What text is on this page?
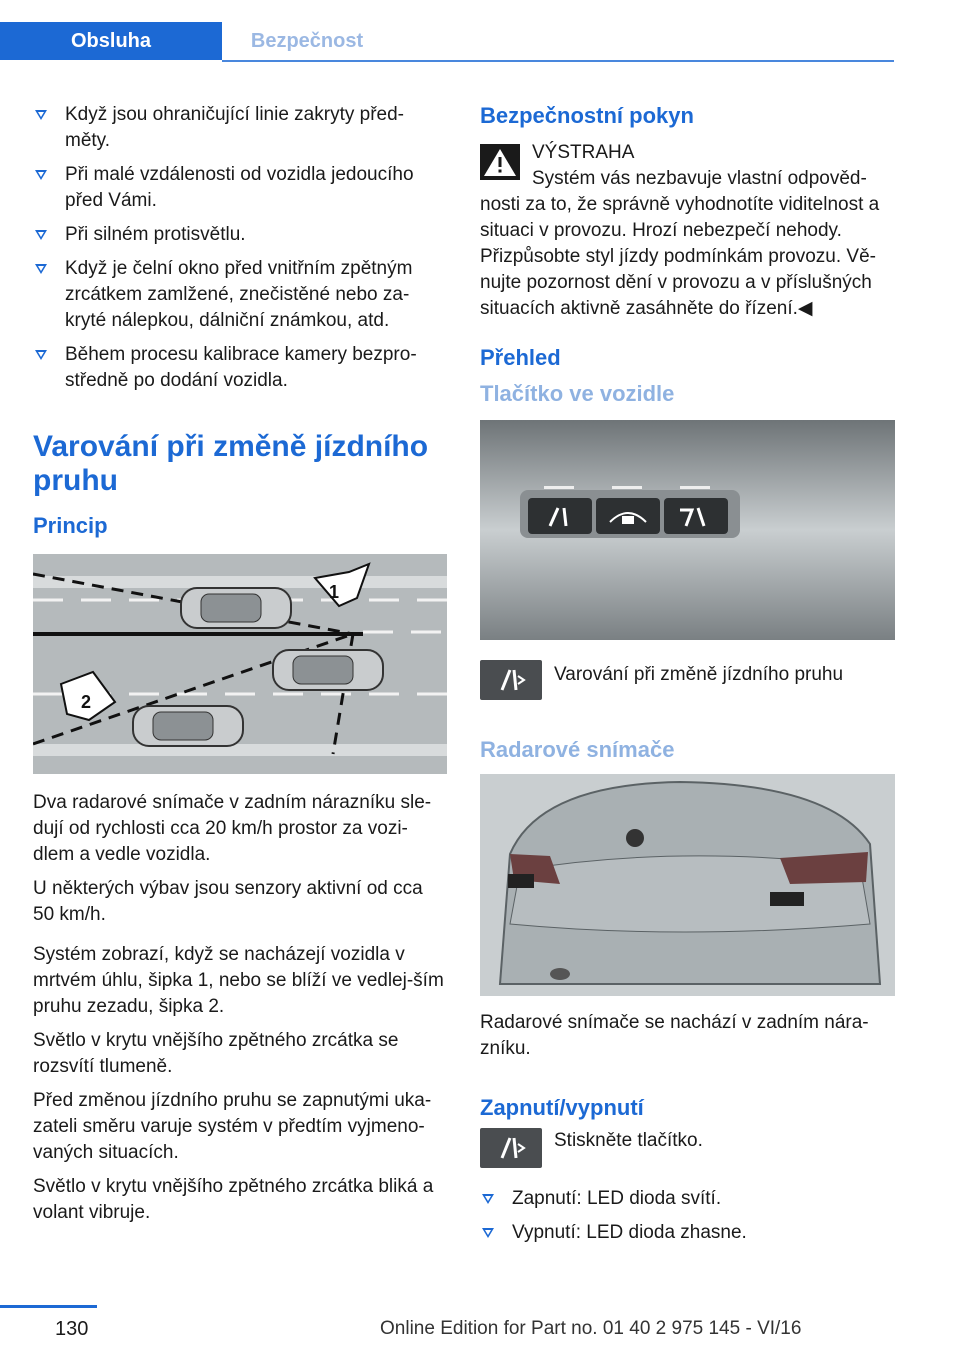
Obsluha	Bezpečnost
Když jsou ohraničující linie zakryty před‐měty.
Při malé vzdálenosti od vozidla jedoucího před Vámi.
Při silném protisvětlu.
Když je čelní okno před vnitřním zpětným zrcátkem zamlžené, znečistěné nebo za‐kryté nálepkou, dálniční známkou, atd.
Během procesu kalibrace kamery bezpro‐středně po dodání vozidla.
Varování při změně jízdního pruhu
Princip
1
2

Dva radarové snímače v zadním nárazníku sle‐dují od rychlosti cca 20 km/h prostor za vozi‐dlem a vedle vozidla.

U některých výbav jsou senzory aktivní od cca 50 km/h.

Systém zobrazí, když se nacházejí vozidla v mrtvém úhlu, šipka 1, nebo se blíží ve vedlej‐ším pruhu zezadu, šipka 2.

Světlo v krytu vnějšího zpětného zrcátka se rozsvítí tlumeně.

Před změnou jízdního pruhu se zapnutými uka‐zateli směru varuje systém v předtím vyjmeno‐vaných situacích.

Světlo v krytu vnějšího zpětného zrcátka bliká a volant vibruje.

Bezpečnostní pokyn
VÝSTRAHA

Systém vás nezbavuje vlastní odpověd‐nosti za to, že správně vyhodnotíte viditelnost a situaci v provozu. Hrozí nebezpečí nehody. Přizpůsobte styl jízdy podmínkám provozu. Vě‐nujte pozornost dění v provozu a v příslušných situacích aktivně zasáhněte do řízení.◀

Přehled
Tlačítko ve vozidle
Varování při změně jízdního pruhu
Radarové snímače

Radarové snímače se nachází v zadním nára‐zníku.

Zapnutí/vypnutí
Stiskněte tlačítko.
Zapnutí: LED dioda svítí.
Vypnutí: LED dioda zhasne.
130	Online Edition for Part no. 01 40 2 975 145 - VI/16
